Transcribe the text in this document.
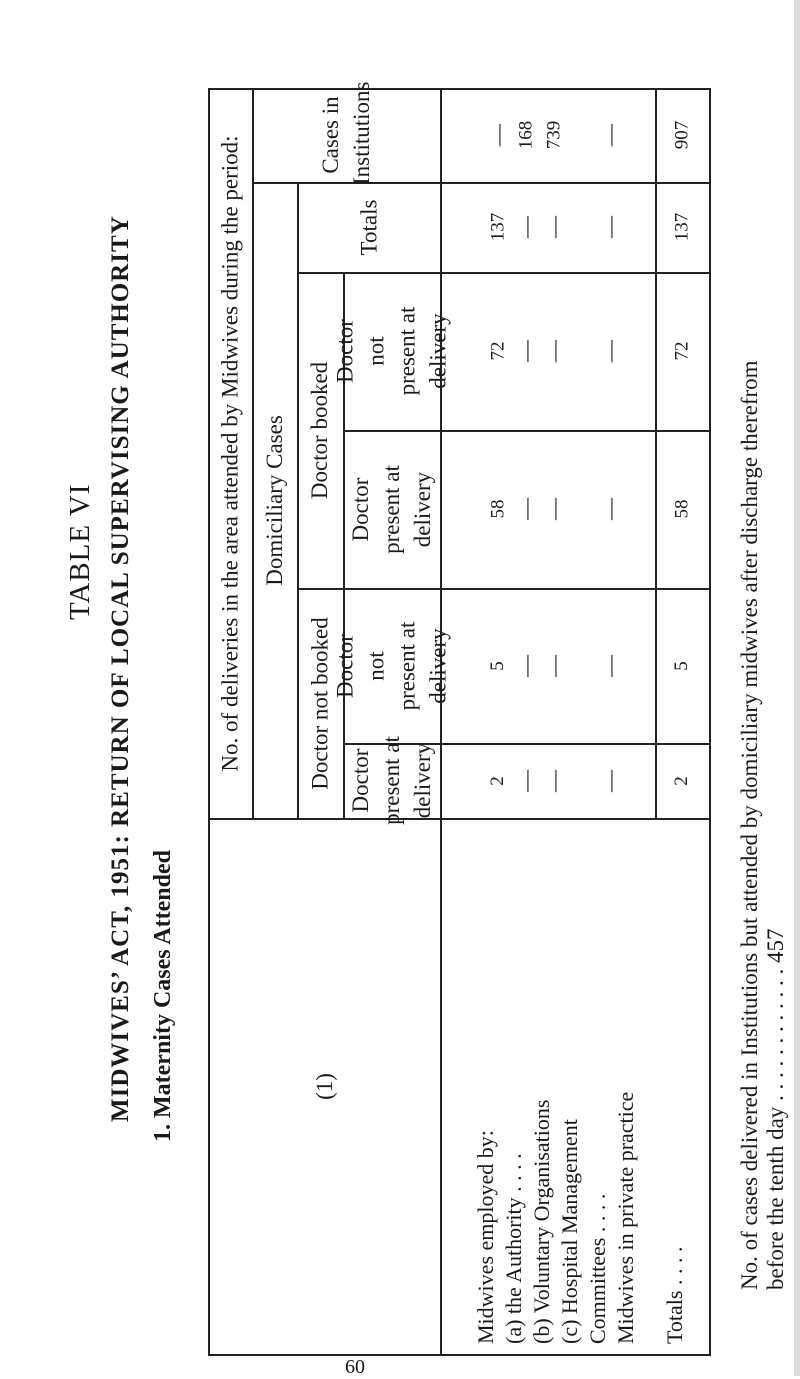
TABLE VI MIDWIVES’ ACT, 1951: RETURN OF LOCAL SUPERVISING AUTHORITY 1. Maternity Cases Attended
No. of deliveries in the area attended by Midwives during the period:
(1)
Domiciliary Cases
Doctor not booked
Doctor booked
Doctor present at delivery
Doctor not present at delivery
Doctor present at delivery
Doctor not present at delivery
Totals
Cases in Institutions
Midwives employed by: (a) the Authority . . . . (b) Voluntary Organisations (c) Hospital Management Committees . . . . Midwives in private practice Totals . . . .
2
5
58
72
137
—
—
—
—
—
—
168
—
—
—
—
—
739
—
—
—
—
—
—
2
5
58
72
137
907
No. of cases delivered in Institutions but attended by domiciliary midwives after discharge therefrom before the tenth day . . . . . . . . . . . . 457
60
